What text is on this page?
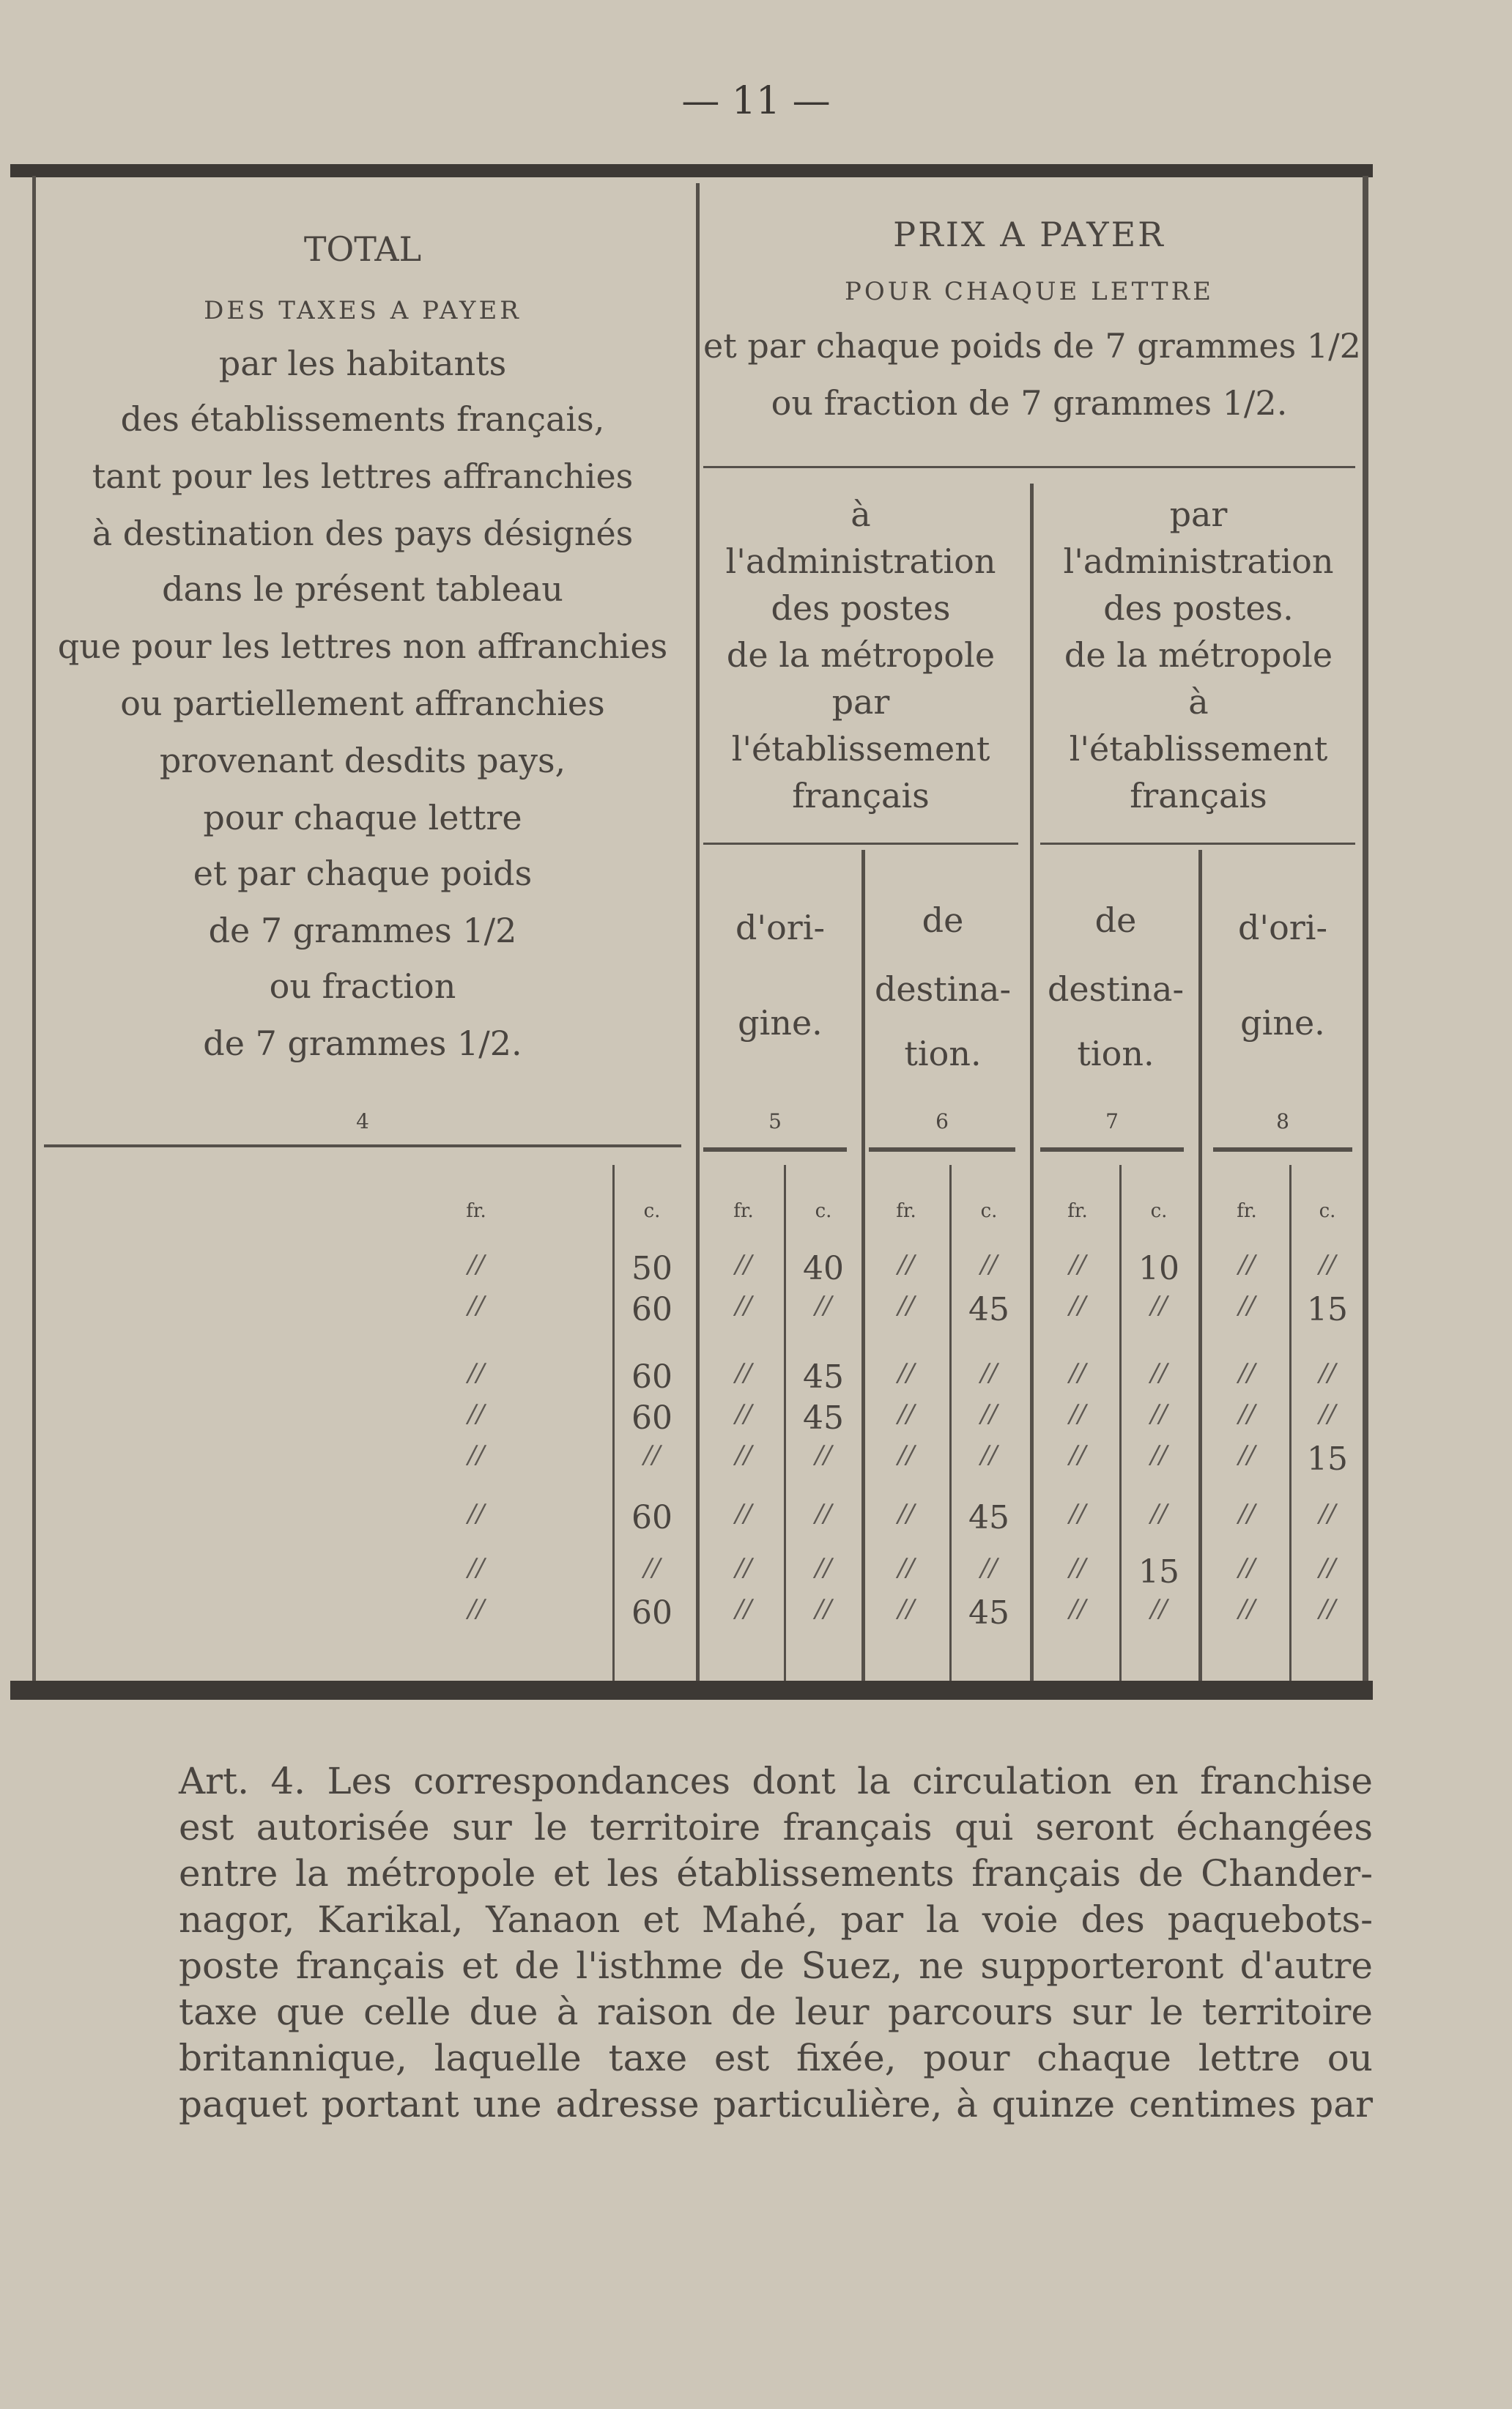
— 11 —
TOTAL
DES TAXES A PAYER
par les habitants
des établissements français,
tant pour les lettres affranchies
à destination des pays désignés
dans le présent tableau
que pour les lettres non affranchies
ou partiellement affranchies
provenant desdits pays,
pour chaque lettre
et par chaque poids
de 7 grammes 1/2
ou fraction
de 7 grammes 1/2.
PRIX A PAYER
POUR CHAQUE LETTRE
et par chaque poids de 7 grammes 1/2
ou fraction de 7 grammes 1/2.
à
l'administration
des postes
de la métropole
par
l'établissement
français
par
l'administration
des postes.
de la métropole
à
l'établissement
français
d'ori-
gine.
de
destina-
tion.
de
destina-
tion.
d'ori-
gine.
4	5	6	7	8
fr.	c.	fr.	c.	fr.	c.	fr.	c.	fr.	c.
//	50	//	40	//	//	//	10	//	//
//	60	//	//	//	45	//	//	//	15
//	60	//	45	//	//	//	//	//	//
//	60	//	45	//	//	//	//	//	//
//	//	//	//	//	//	//	//	//	15
//	60	//	//	//	45	//	//	//	//
//	//	//	//	//	//	//	15	//	//
//	60	//	//	//	45	//	//	//	//
Art. 4. Les correspondances dont la circulation en franchise
est autorisée sur le territoire français qui seront échangées
entre la métropole et les établissements français de Chander-
nagor, Karikal, Yanaon et Mahé, par la voie des paquebots-
poste français et de l'isthme de Suez, ne supporteront d'autre
taxe que celle due à raison de leur parcours sur le territoire
britannique, laquelle taxe est fixée, pour chaque lettre ou
paquet portant une adresse particulière, à quinze centimes par
